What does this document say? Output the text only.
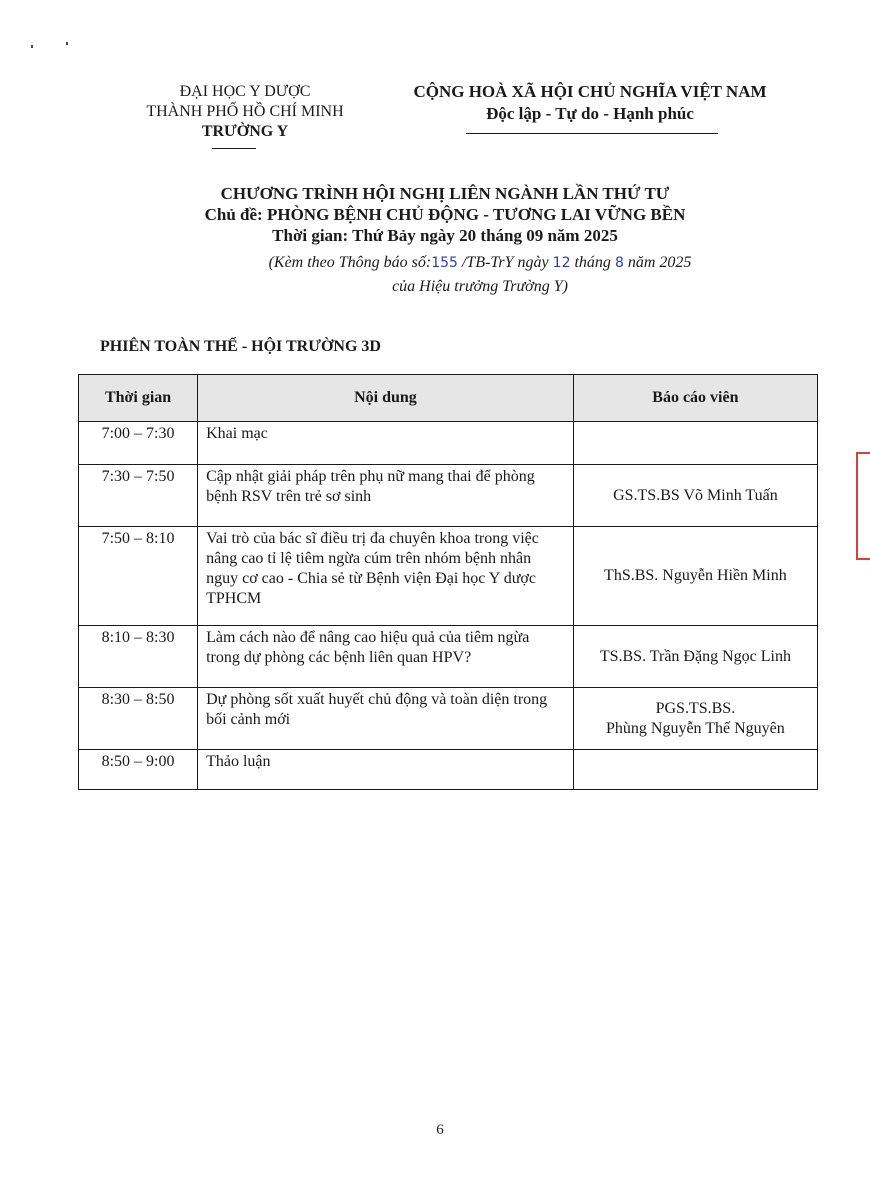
ĐẠI HỌC Y DƯỢC
THÀNH PHỐ HỒ CHÍ MINH
TRƯỜNG Y
CỘNG HOÀ XÃ HỘI CHỦ NGHĨA VIỆT NAM
Độc lập - Tự do - Hạnh phúc
CHƯƠNG TRÌNH HỘI NGHỊ LIÊN NGÀNH LẦN THỨ TƯ
Chủ đề: PHÒNG BỆNH CHỦ ĐỘNG - TƯƠNG LAI VỮNG BỀN
Thời gian: Thứ Bảy ngày 20 tháng 09 năm 2025
(Kèm theo Thông báo số:155 /TB-TrY ngày 12 tháng 8 năm 2025
của Hiệu trưởng Trường Y)
PHIÊN TOÀN THỂ - HỘI TRƯỜNG 3D
Thời gian	Nội dung	Báo cáo viên
7:00 – 7:30	Khai mạc	
7:30 – 7:50	Cập nhật giải pháp trên phụ nữ mang thai để phòng bệnh RSV trên trẻ sơ sinh	GS.TS.BS Võ Minh Tuấn
7:50 – 8:10	Vai trò của bác sĩ điều trị đa chuyên khoa trong việc nâng cao tỉ lệ tiêm ngừa cúm trên nhóm bệnh nhân nguy cơ cao - Chia sẻ từ Bệnh viện Đại học Y dược TPHCM	ThS.BS. Nguyễn Hiền Minh
8:10 – 8:30	Làm cách nào để nâng cao hiệu quả của tiêm ngừa trong dự phòng các bệnh liên quan HPV?	TS.BS. Trần Đặng Ngọc Linh
8:30 – 8:50	Dự phòng sốt xuất huyết chủ động và toàn diện trong bối cảnh mới	PGS.TS.BS.
Phùng Nguyễn Thế Nguyên

8:50 – 9:00	Thảo luận	
6
